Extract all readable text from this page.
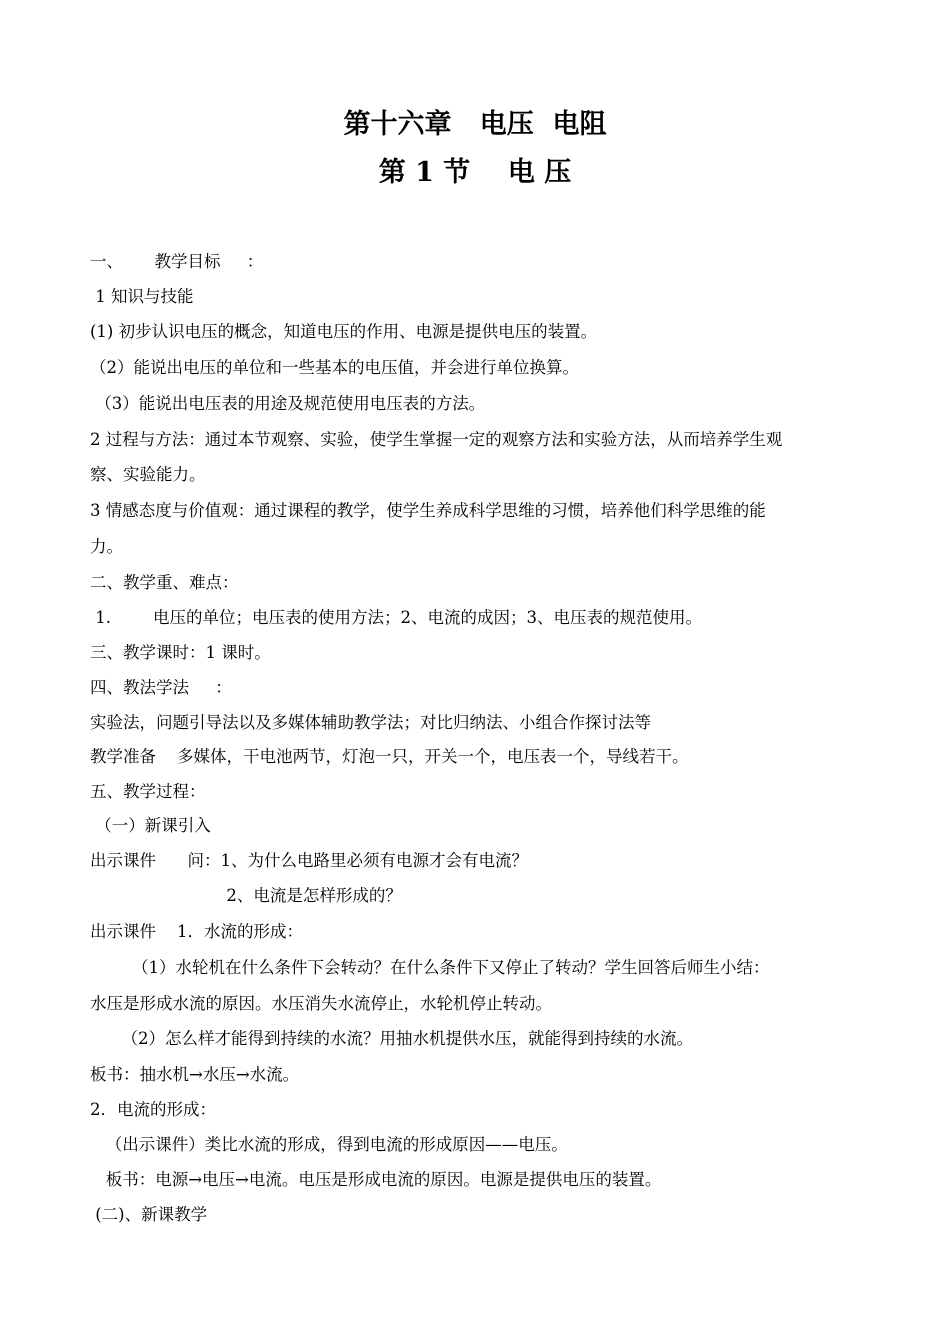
第十六章   电压  电阻
第 1 节    电 压
一、      教学目标     ：
1 知识与技能
(1) 初步认识电压的概念，知道电压的作用、电源是提供电压的装置。
（2）能说出电压的单位和一些基本的电压值，并会进行单位换算。
（3）能说出电压表的用途及规范使用电压表的方法。
2 过程与方法：通过本节观察、实验，使学生掌握一定的观察方法和实验方法，从而培养学生观
察、实验能力。
3 情感态度与价值观：通过课程的教学，使学生养成科学思维的习惯，培养他们科学思维的能
力。
二、教学重、难点：
1.        电压的单位；电压表的使用方法；2、电流的成因；3、电压表的规范使用。
三、教学课时：1 课时。
四、教法学法     ：
实验法，问题引导法以及多媒体辅助教学法；对比归纳法、小组合作探讨法等
教学准备    多媒体，干电池两节，灯泡一只，开关一个，电压表一个，导线若干。
五、教学过程：
（一）新课引入
出示课件      问：1、为什么电路里必须有电源才会有电流？
2、电流是怎样形成的？
出示课件    1．水流的形成：
（1）水轮机在什么条件下会转动？在什么条件下又停止了转动？学生回答后师生小结：
水压是形成水流的原因。水压消失水流停止，水轮机停止转动。
（2）怎么样才能得到持续的水流？用抽水机提供水压，就能得到持续的水流。
板书：抽水机→水压→水流。
2．电流的形成：
（出示课件）类比水流的形成，得到电流的形成原因——电压。
板书：电源→电压→电流。电压是形成电流的原因。电源是提供电压的装置。
(二)、新课教学
